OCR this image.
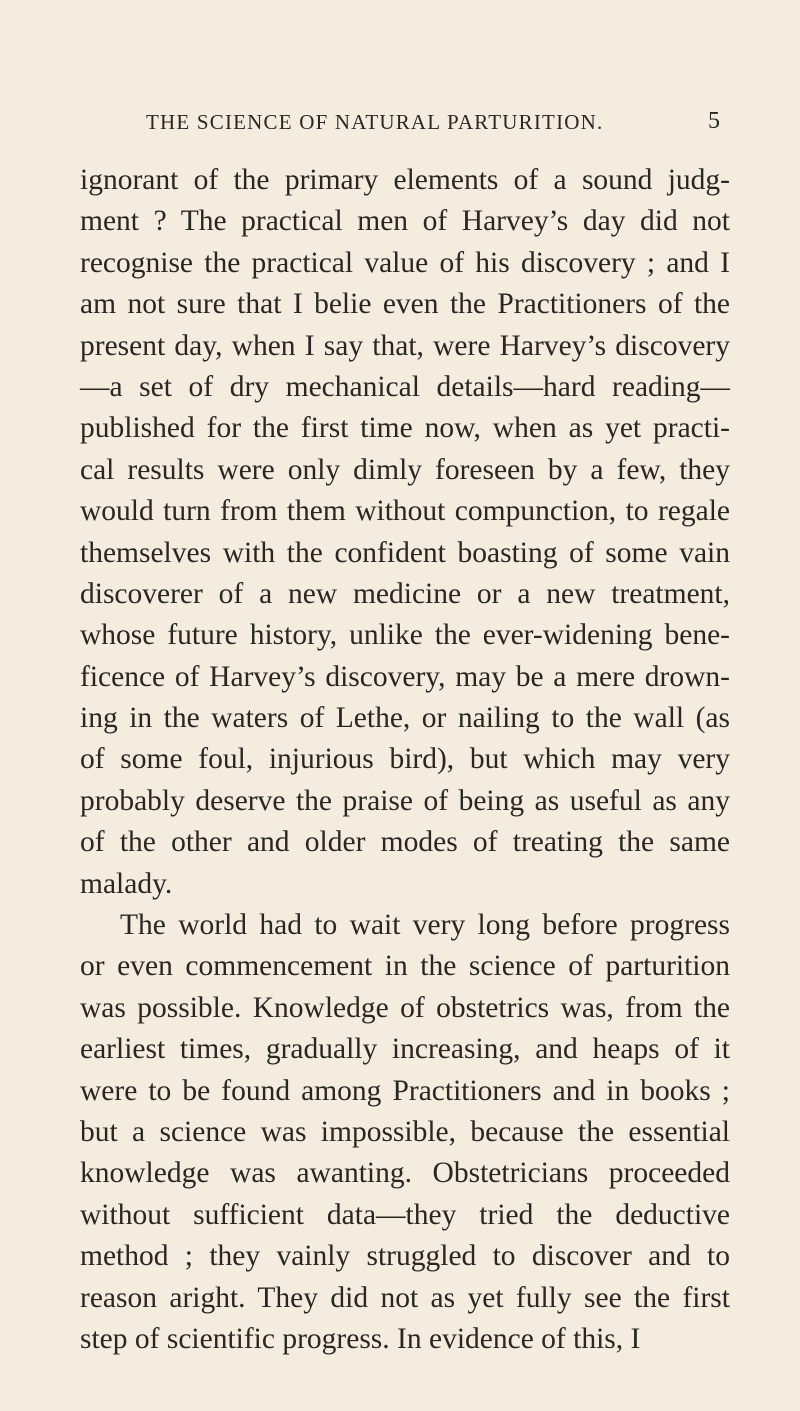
THE SCIENCE OF NATURAL PARTURITION.	5
ignorant of the primary elements of a sound judg-
ment ? The practical men of Harvey’s day did not
recognise the practical value of his discovery ; and I
am not sure that I belie even the Practitioners of the
present day, when I say that, were Harvey’s discovery
—a set of dry mechanical details—hard reading—
published for the first time now, when as yet practi-
cal results were only dimly foreseen by a few, they
would turn from them without compunction, to regale
themselves with the confident boasting of some vain
discoverer of a new medicine or a new treatment,
whose future history, unlike the ever-widening bene-
ficence of Harvey’s discovery, may be a mere drown-
ing in the waters of Lethe, or nailing to the wall (as
of some foul, injurious bird), but which may very
probably deserve the praise of being as useful as any
of the other and older modes of treating the same
malady.
The world had to wait very long before progress
or even commencement in the science of parturition
was possible. Knowledge of obstetrics was, from the
earliest times, gradually increasing, and heaps of it
were to be found among Practitioners and in books ;
but a science was impossible, because the essential
knowledge was awanting. Obstetricians proceeded
without sufficient data—they tried the deductive
method ; they vainly struggled to discover and to
reason aright. They did not as yet fully see the first
step of scientific progress. In evidence of this, I
